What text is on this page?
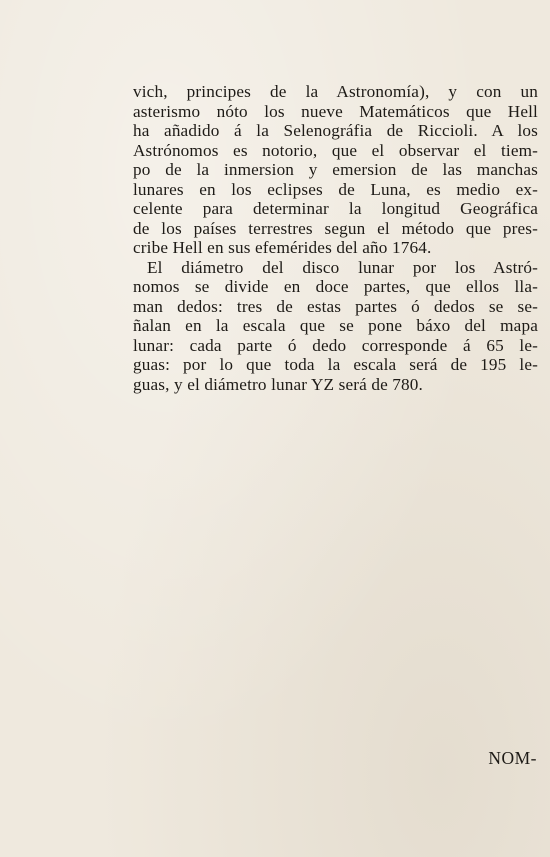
vich, principes de la Astronomía), y con un
asterismo nóto los nueve Matemáticos que Hell
ha añadido á la Selenográfia de Riccioli. A los
Astrónomos es notorio, que el observar el tiem-
po de la inmersion y emersion de las manchas
lunares en los eclipses de Luna, es medio ex-
celente para determinar la longitud Geográfica
de los países terrestres segun el método que pres-
cribe Hell en sus efemérides del año 1764.
El diámetro del disco lunar por los Astró-
nomos se divide en doce partes, que ellos lla-
man dedos: tres de estas partes ó dedos se se-
ñalan en la escala que se pone báxo del mapa
lunar: cada parte ó dedo corresponde á 65 le-
guas: por lo que toda la escala será de 195 le-
guas, y el diámetro lunar YZ será de 780.
NOM-
